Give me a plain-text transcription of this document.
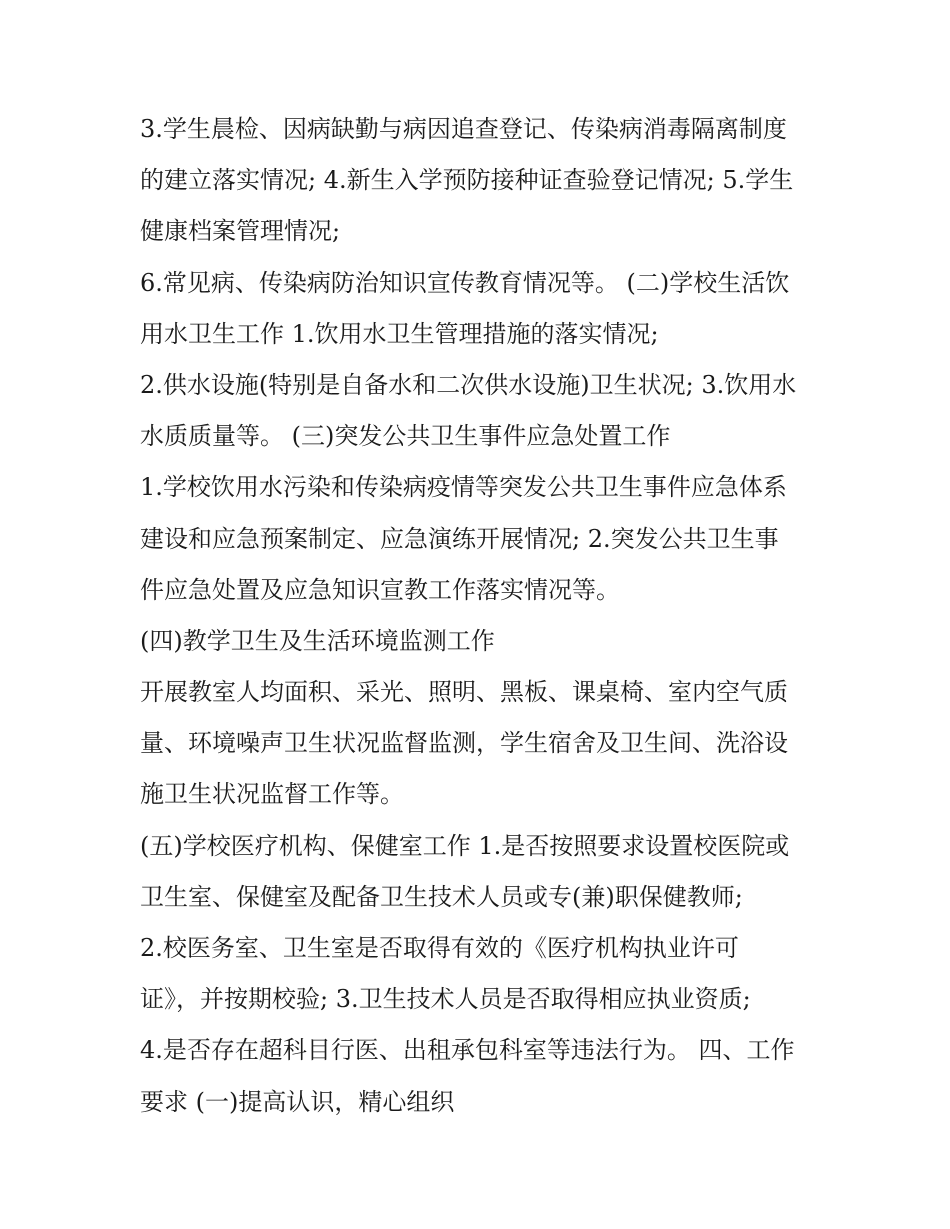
3.学生晨检、因病缺勤与病因追查登记、传染病消毒隔离制度
的建立落实情况; 4.新生入学预防接种证查验登记情况; 5.学生
健康档案管理情况;
6.常见病、传染病防治知识宣传教育情况等。 (二)学校生活饮
用水卫生工作 1.饮用水卫生管理措施的落实情况;
2.供水设施(特别是自备水和二次供水设施)卫生状况; 3.饮用水
水质质量等。 (三)突发公共卫生事件应急处置工作
1.学校饮用水污染和传染病疫情等突发公共卫生事件应急体系
建设和应急预案制定、应急演练开展情况; 2.突发公共卫生事
件应急处置及应急知识宣教工作落实情况等。
(四)教学卫生及生活环境监测工作
开展教室人均面积、采光、照明、黑板、课桌椅、室内空气质
量、环境噪声卫生状况监督监测，学生宿舍及卫生间、洗浴设
施卫生状况监督工作等。
(五)学校医疗机构、保健室工作 1.是否按照要求设置校医院或
卫生室、保健室及配备卫生技术人员或专(兼)职保健教师;
2.校医务室、卫生室是否取得有效的《医疗机构执业许可
证》，并按期校验; 3.卫生技术人员是否取得相应执业资质;
4.是否存在超科目行医、出租承包科室等违法行为。 四、工作
要求 (一)提高认识，精心组织
